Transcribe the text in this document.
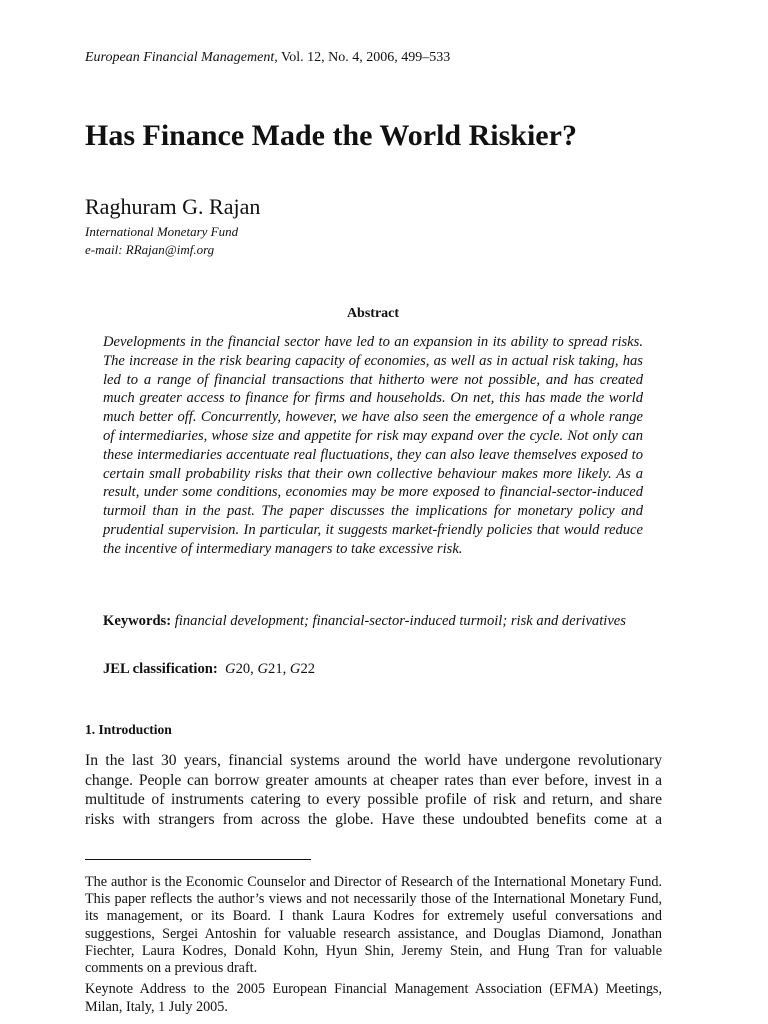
European Financial Management, Vol. 12, No. 4, 2006, 499–533
Has Finance Made the World Riskier?
Raghuram G. Rajan
International Monetary Fund
e-mail: RRajan@imf.org
Abstract

Developments in the financial sector have led to an expansion in its ability to spread risks. The increase in the risk bearing capacity of economies, as well as in actual risk taking, has led to a range of financial transactions that hitherto were not possible, and has created much greater access to finance for firms and households. On net, this has made the world much better off. Concurrently, however, we have also seen the emergence of a whole range of intermediaries, whose size and appetite for risk may expand over the cycle. Not only can these intermediaries accentuate real fluctuations, they can also leave themselves exposed to certain small probability risks that their own collective behaviour makes more likely. As a result, under some conditions, economies may be more exposed to financial-sector-induced turmoil than in the past. The paper discusses the implications for monetary policy and prudential supervision. In particular, it suggests market-friendly policies that would reduce the incentive of intermediary managers to take excessive risk.

Keywords: financial development; financial-sector-induced turmoil; risk and derivatives

JEL classification: G20, G21, G22

1. Introduction

In the last 30 years, financial systems around the world have undergone revolutionary
change. People can borrow greater amounts at cheaper rates than ever before, invest in a
multitude of instruments catering to every possible profile of risk and return, and share
risks with strangers from across the globe. Have these undoubted benefits come at a

The author is the Economic Counselor and Director of Research of the International Monetary Fund. This paper reflects the author’s views and not necessarily those of the International Monetary Fund, its management, or its Board. I thank Laura Kodres for extremely useful conversations and suggestions, Sergei Antoshin for valuable research assistance, and Douglas Diamond, Jonathan Fiechter, Laura Kodres, Donald Kohn, Hyun Shin, Jeremy Stein, and Hung Tran for valuable comments on a previous draft.

Keynote Address to the 2005 European Financial Management Association (EFMA) Meetings, Milan, Italy, 1 July 2005.
